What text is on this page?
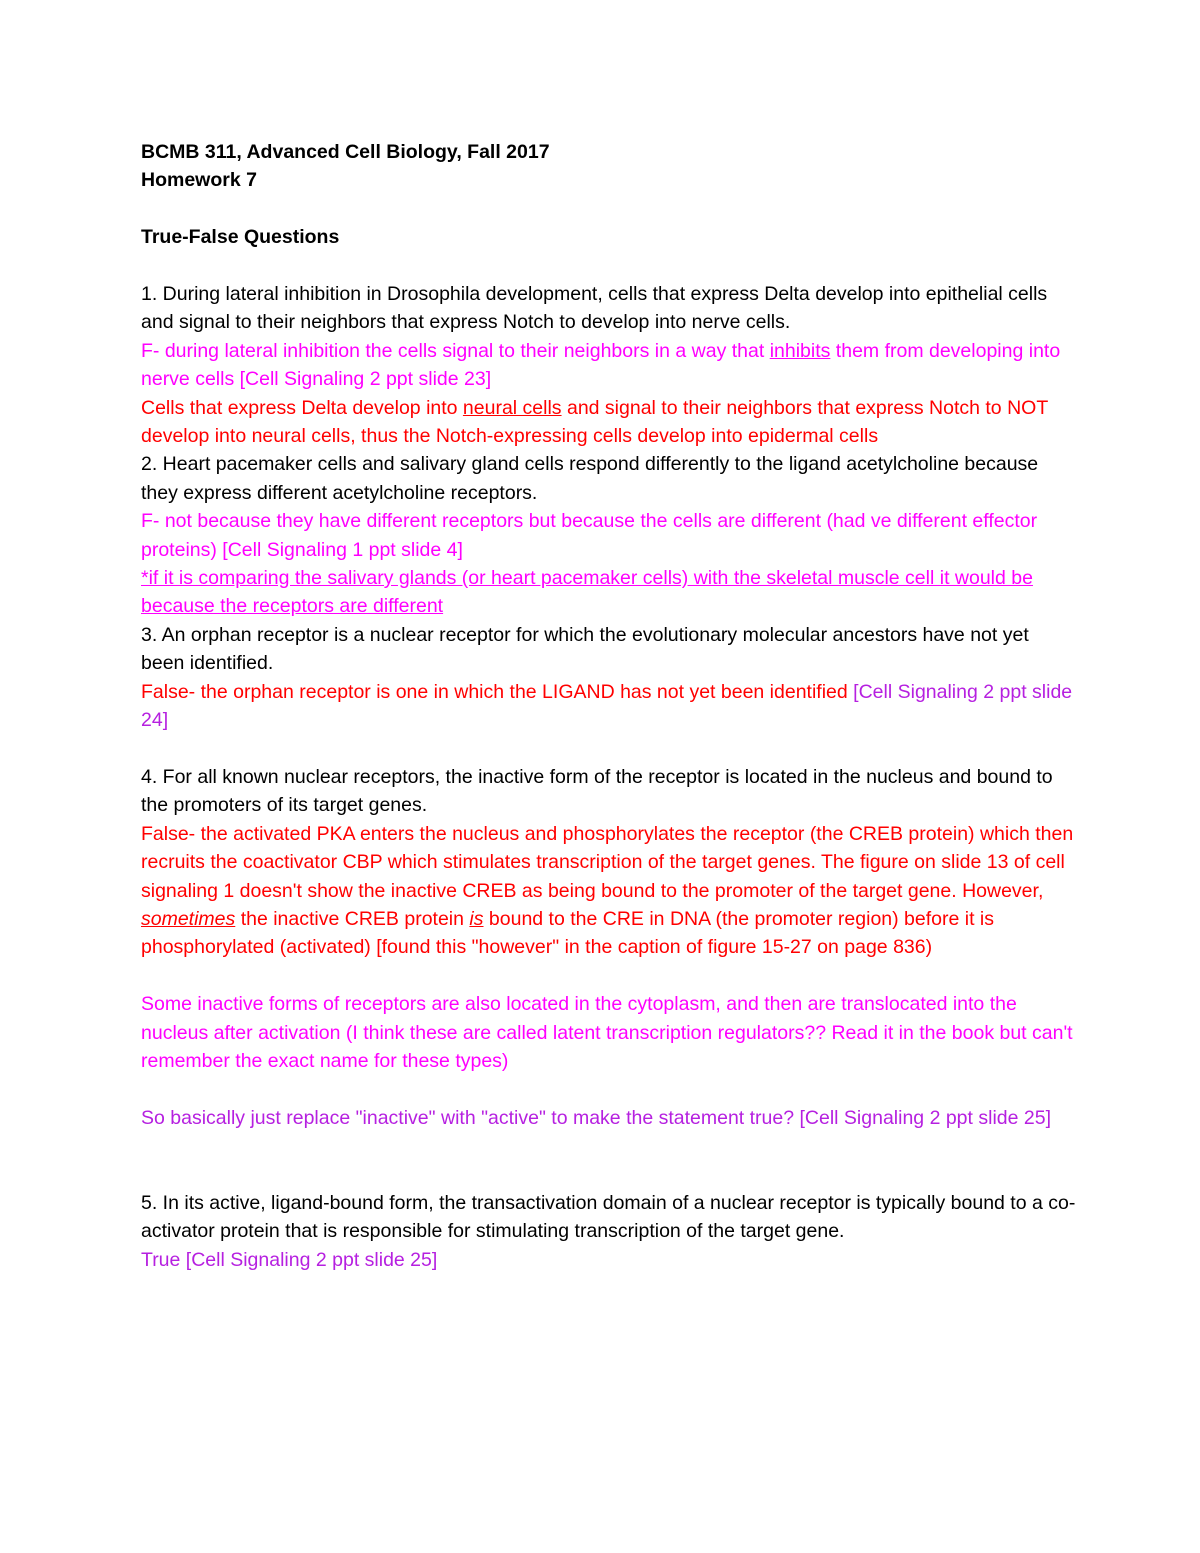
BCMB 311, Advanced Cell Biology, Fall 2017

Homework 7

True-False Questions

1. During lateral inhibition in Drosophila development, cells that express Delta develop into epithelial cells and signal to their neighbors that express Notch to develop into nerve cells.

F- during lateral inhibition the cells signal to their neighbors in a way that inhibits them from developing into nerve cells [Cell Signaling 2 ppt slide 23]

Cells that express Delta develop into neural cells and signal to their neighbors that express Notch to NOT develop into neural cells, thus the Notch-expressing cells develop into epidermal cells

2. Heart pacemaker cells and salivary gland cells respond differently to the ligand acetylcholine because they express different acetylcholine receptors.

F- not because they have different receptors but because the cells are different (had ve different effector proteins) [Cell Signaling 1 ppt slide 4]

*if it is comparing the salivary glands (or heart pacemaker cells) with the skeletal muscle cell it would be because the receptors are different

3. An orphan receptor is a nuclear receptor for which the evolutionary molecular ancestors have not yet been identified.

False- the orphan receptor is one in which the LIGAND has not yet been identified [Cell Signaling 2 ppt slide 24]

4. For all known nuclear receptors, the inactive form of the receptor is located in the nucleus and bound to the promoters of its target genes.

False- the activated PKA enters the nucleus and phosphorylates the receptor (the CREB protein) which then recruits the coactivator CBP which stimulates transcription of the target genes. The figure on slide 13 of cell signaling 1 doesn't show the inactive CREB as being bound to the promoter of the target gene. However, sometimes the inactive CREB protein is bound to the CRE in DNA (the promoter region) before it is phosphorylated (activated) [found this "however" in the caption of figure 15-27 on page 836)

Some inactive forms of receptors are also located in the cytoplasm, and then are translocated into the nucleus after activation (I think these are called latent transcription regulators?? Read it in the book but can't remember the exact name for these types)

So basically just replace "inactive" with "active" to make the statement true? [Cell Signaling 2 ppt slide 25]

5. In its active, ligand-bound form, the transactivation domain of a nuclear receptor is typically bound to a co-activator protein that is responsible for stimulating transcription of the target gene.

True [Cell Signaling 2 ppt slide 25]
